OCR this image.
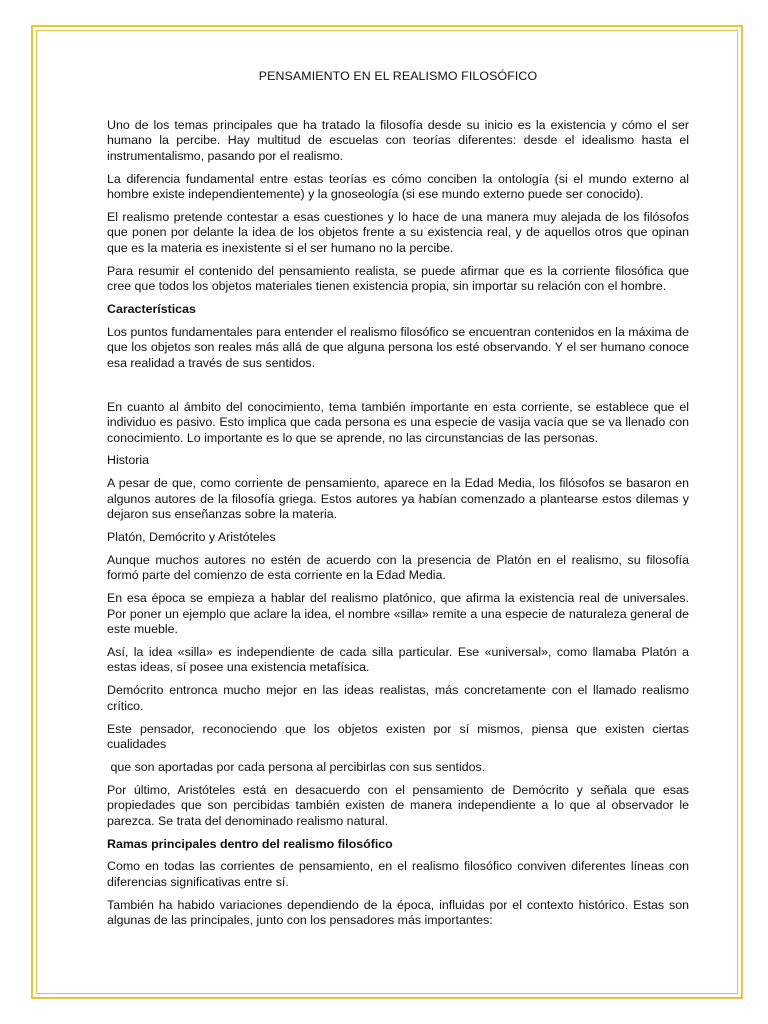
PENSAMIENTO EN EL REALISMO FILOSÓFICO

Uno de los temas principales que ha tratado la filosofía desde su inicio es la existencia y cómo el ser humano la percibe. Hay multitud de escuelas con teorías diferentes: desde el idealismo hasta el instrumentalismo, pasando por el realismo.

La diferencia fundamental entre estas teorías es cómo conciben la ontología (si el mundo externo al hombre existe independientemente) y la gnoseología (si ese mundo externo puede ser conocido).

El realismo pretende contestar a esas cuestiones y lo hace de una manera muy alejada de los filósofos que ponen por delante la idea de los objetos frente a su existencia real, y de aquellos otros que opinan que es la materia es inexistente si el ser humano no la percibe.

Para resumir el contenido del pensamiento realista, se puede afirmar que es la corriente filosófica que cree que todos los objetos materiales tienen existencia propia, sin importar su relación con el hombre.

Características

Los puntos fundamentales para entender el realismo filosófico se encuentran contenidos en la máxima de que los objetos son reales más allá de que alguna persona los esté observando. Y el ser humano conoce esa realidad a través de sus sentidos.

En cuanto al ámbito del conocimiento, tema también importante en esta corriente, se establece que el individuo es pasivo. Esto implica que cada persona es una especie de vasija vacía que se va llenado con conocimiento. Lo importante es lo que se aprende, no las circunstancias de las personas.

Historia

A pesar de que, como corriente de pensamiento, aparece en la Edad Media, los filósofos se basaron en algunos autores de la filosofía griega. Estos autores ya habían comenzado a plantearse estos dilemas y dejaron sus enseñanzas sobre la materia.

Platón, Demócrito y Aristóteles

Aunque muchos autores no estén de acuerdo con la presencia de Platón en el realismo, su filosofía formó parte del comienzo de esta corriente en la Edad Media.

En esa época se empieza a hablar del realismo platónico, que afirma la existencia real de universales. Por poner un ejemplo que aclare la idea, el nombre «silla» remite a una especie de naturaleza general de este mueble.

Así, la idea «silla» es independiente de cada silla particular. Ese «universal», como llamaba Platón a estas ideas, sí posee una existencia metafísica.

Demócrito entronca mucho mejor en las ideas realistas, más concretamente con el llamado realismo crítico.

Este pensador, reconociendo que los objetos existen por sí mismos, piensa que existen ciertas cualidades

que son aportadas por cada persona al percibirlas con sus sentidos.

Por último, Aristóteles está en desacuerdo con el pensamiento de Demócrito y señala que esas propiedades que son percibidas también existen de manera independiente a lo que al observador le parezca. Se trata del denominado realismo natural.

Ramas principales dentro del realismo filosófico

Como en todas las corrientes de pensamiento, en el realismo filosófico conviven diferentes líneas con diferencias significativas entre sí.

También ha habido variaciones dependiendo de la época, influidas por el contexto histórico. Estas son algunas de las principales, junto con los pensadores más importantes:
